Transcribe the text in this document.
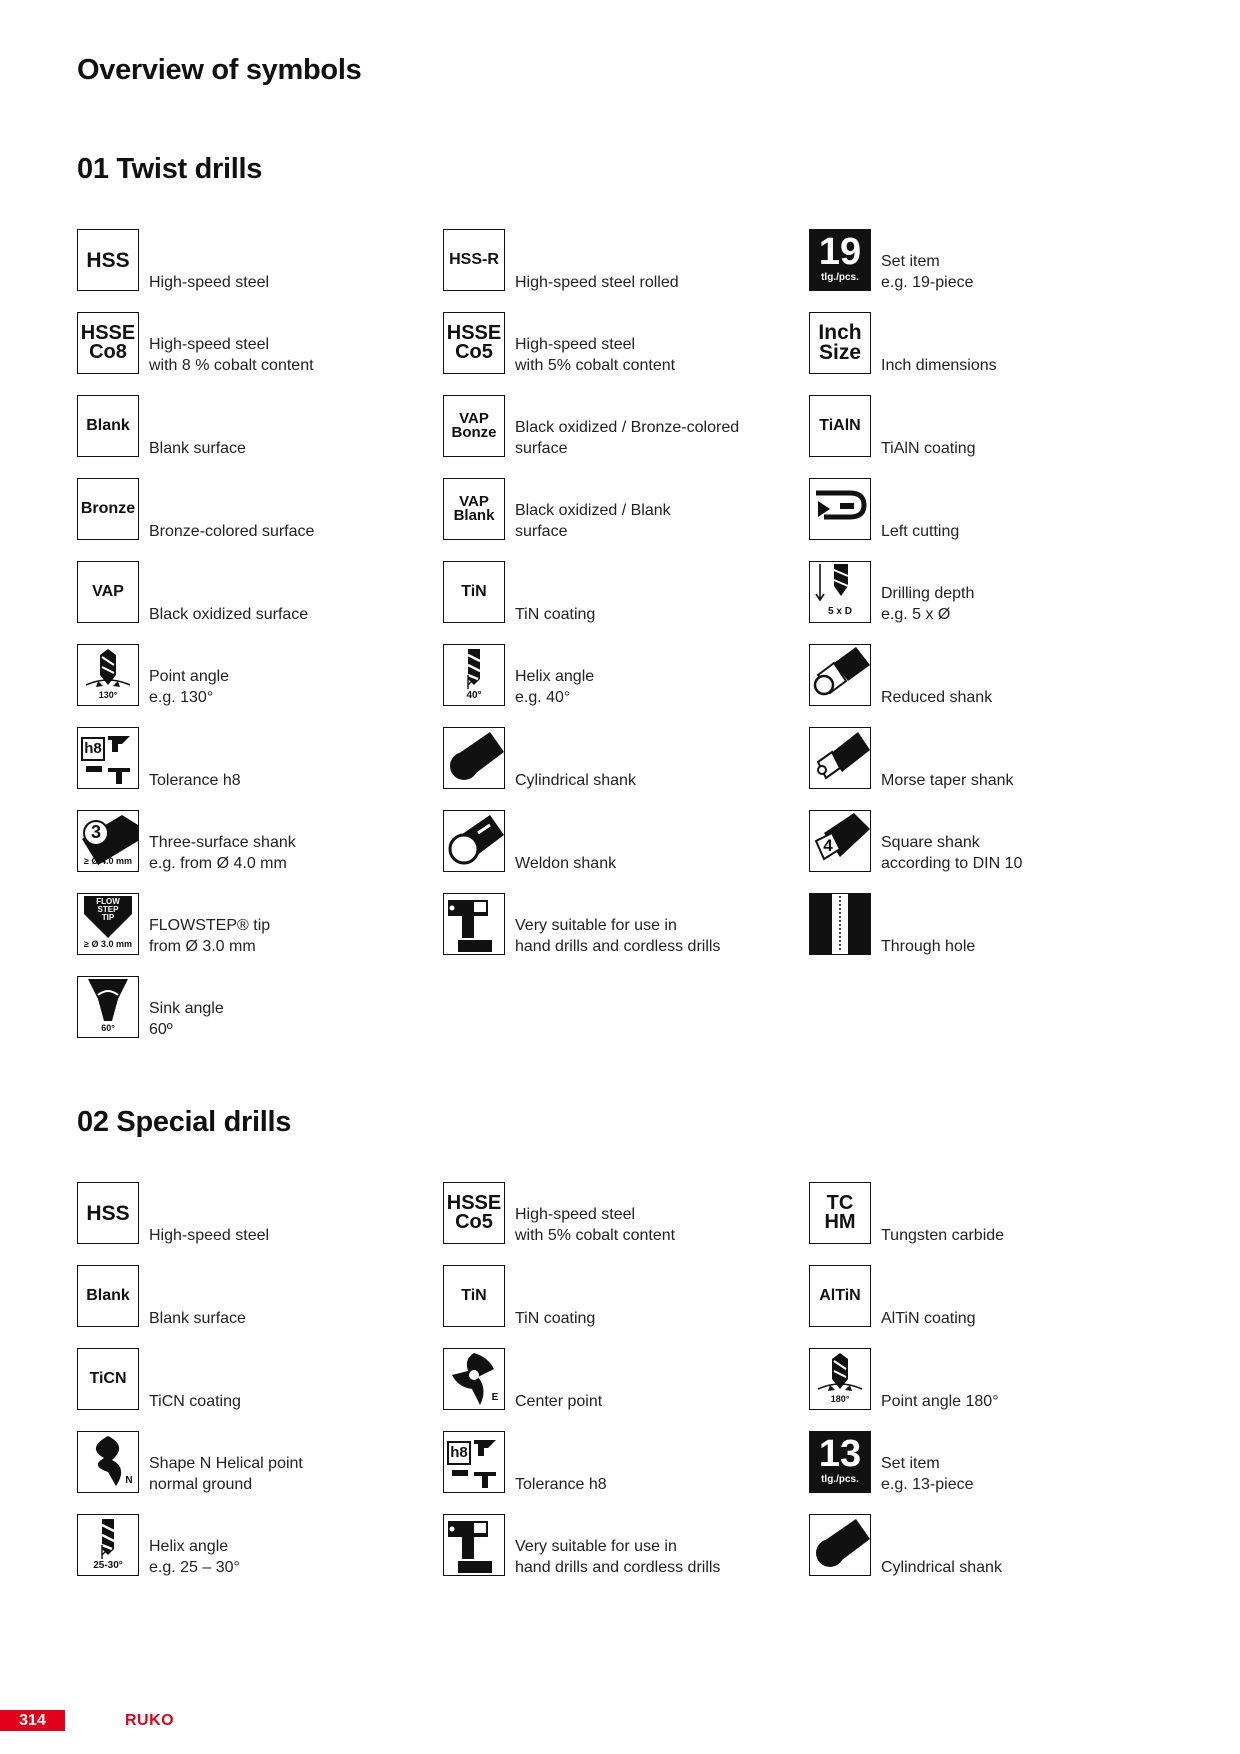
Overview of symbols
01 Twist drills
HSS
High-speed steel
HSSE
Co8	High-speed steel
with 8 % cobalt content
Blank
Blank surface
Bronze
Bronze-colored surface
VAP
Black oxidized surface
130°
Point angle
e.g. 130°
h8
Tolerance h8
3
≥ Ø 4.0 mm
Three-surface shank
e.g. from Ø 4.0 mm
FLOW
STEP
TIP
≥ Ø 3.0 mm
FLOWSTEP® tip
from Ø 3.0 mm
60°
Sink angle
60º
HSS-R
High-speed steel rolled
HSSE
Co5	High-speed steel
with 5% cobalt content
VAP
Bonze	Black oxidized / Bronze-colored
surface
VAP
Blank	Black oxidized / Blank
surface
TiN
TiN coating
40°
Helix angle
e.g. 40°
Cylindrical shank
Weldon shank
Very suitable for use in
hand drills and cordless drills
19
tlg./pcs.
Set item
e.g. 19-piece
Inch
Size
Inch dimensions
TiAlN
TiAlN coating
Left cutting
5 x D
Drilling depth
e.g. 5 x Ø
Reduced shank
Morse taper shank
4	Square shank
according to DIN 10
Through hole
02 Special drills
HSS
High-speed steel
Blank
Blank surface
TiCN
TiCN coating
N
Shape N Helical point
normal ground
25-30°
Helix angle
e.g. 25 – 30°
HSSE
Co5	High-speed steel
with 5% cobalt content
TiN
TiN coating
E Center point
h8
Tolerance h8
Very suitable for use in
hand drills and cordless drills
TC
HM
Tungsten carbide
AlTiN
AlTiN coating
180°	Point angle 180°
13
tlg./pcs.
Set item
e.g. 13-piece
Cylindrical shank
314	RUKO
